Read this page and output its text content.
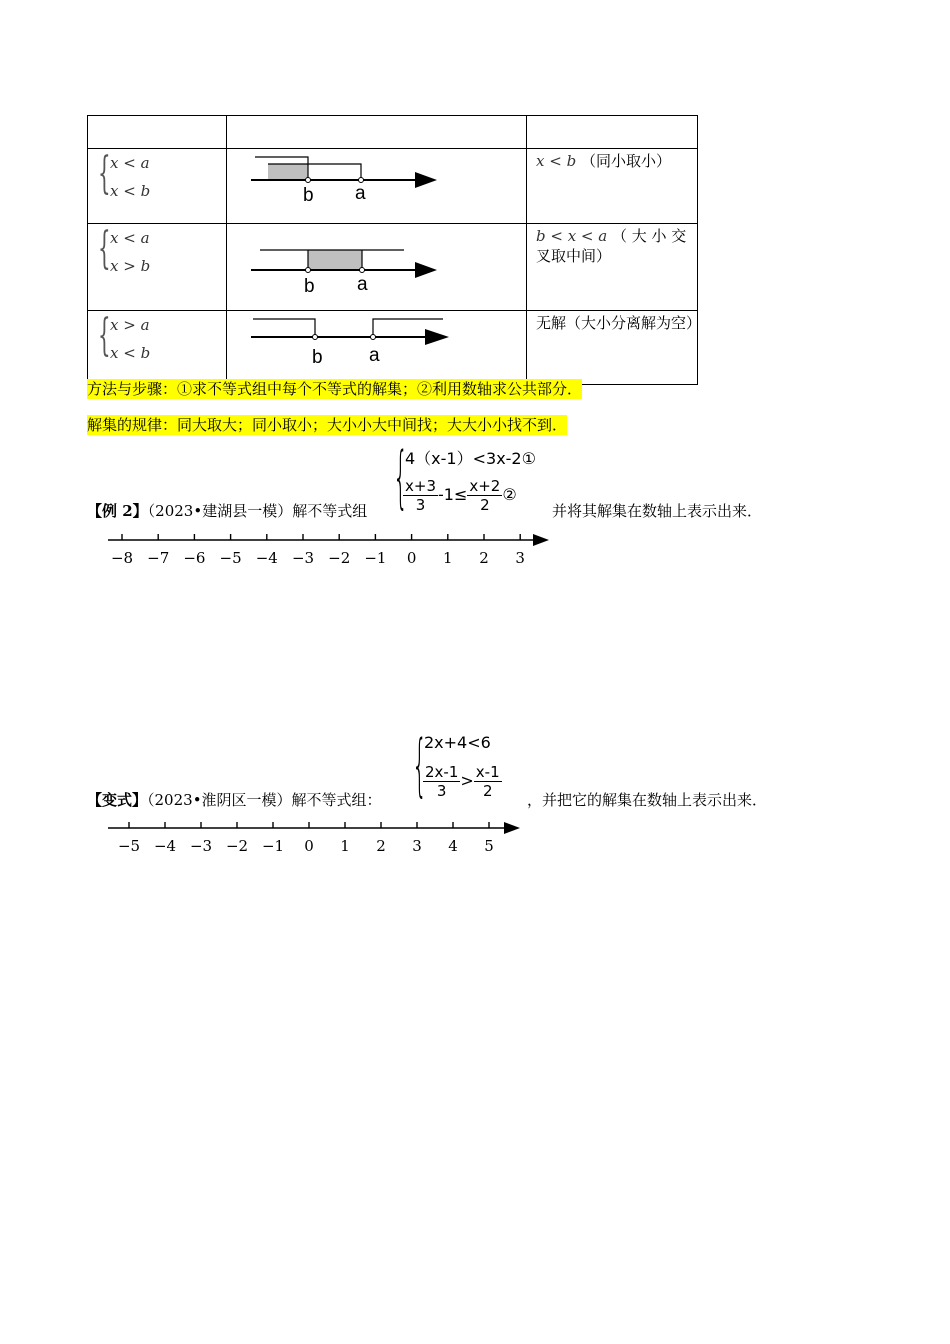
{ x < a
x < b	b a	x < b （同小取小）

{ x < a
x > b	b a	b < x < a （ 大 小 交 叉取中间）

{ x > a
x < b	b a	无解（大小分离解为空）
方法与步骤：①求不等式组中每个不等式的解集；②利用数轴求公共部分．
解集的规律：同大取大；同小取小；大小小大中间找；大大小小找不到．
【例 2】（2023•建湖县一模）解不等式组 {
4（x-1）<3x-2①
$\frac{x+3}{3} -1\le \frac{x+2}{2}$ ②
并将其解集在数轴上表示出来．
−8 −7 −6 −5 −4 −3 −2 −1 0 1 2 3
【变式】（2023•淮阴区一模）解不等式组： {
2x+4<6
$\frac{2x-1}{3} > \frac{x-1}{2}$ ，并把它的解集在数轴上表示出来．
−5 −4 −3 −2 −1 0 1 2 3 4 5
